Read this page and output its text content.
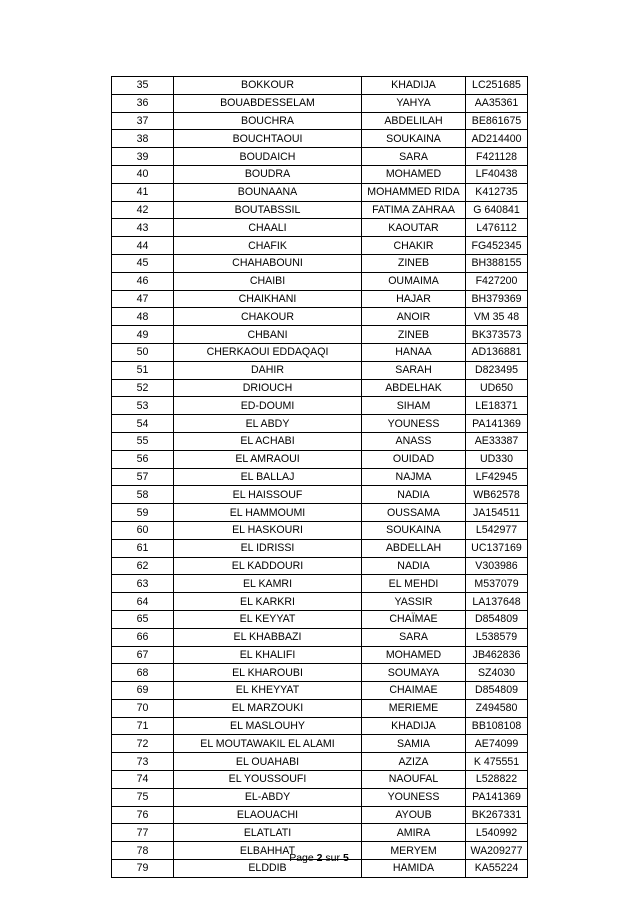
35	BOKKOUR	KHADIJA	LC251685
36	BOUABDESSELAM	YAHYA	AA35361
37	BOUCHRA	ABDELILAH	BE861675
38	BOUCHTAOUI	SOUKAINA	AD214400
39	BOUDAICH	SARA	F421128
40	BOUDRA	MOHAMED	LF40438
41	BOUNAANA	MOHAMMED RIDA	K412735
42	BOUTABSSIL	FATIMA ZAHRAA	G 640841
43	CHAALI	KAOUTAR	L476112
44	CHAFIK	CHAKIR	FG452345
45	CHAHABOUNI	ZINEB	BH388155
46	CHAIBI	OUMAIMA	F427200
47	CHAIKHANI	HAJAR	BH379369
48	CHAKOUR	ANOIR	VM 35 48
49	CHBANI	ZINEB	BK373573
50	CHERKAOUI EDDAQAQI	HANAA	AD136881
51	DAHIR	SARAH	D823495
52	DRIOUCH	ABDELHAK	UD650
53	ED-DOUMI	SIHAM	LE18371
54	EL ABDY	YOUNESS	PA141369
55	EL ACHABI	ANASS	AE33387
56	EL AMRAOUI	OUIDAD	UD330
57	EL BALLAJ	NAJMA	LF42945
58	EL HAISSOUF	NADIA	WB62578
59	EL HAMMOUMI	OUSSAMA	JA154511
60	EL HASKOURI	SOUKAINA	L542977
61	EL IDRISSI	ABDELLAH	UC137169
62	EL KADDOURI	NADIA	V303986
63	EL KAMRI	EL MEHDI	M537079
64	EL KARKRI	YASSIR	LA137648
65	EL KEYYAT	CHAÏMAE	D854809
66	EL KHABBAZI	SARA	L538579
67	EL KHALIFI	MOHAMED	JB462836
68	EL KHAROUBI	SOUMAYA	SZ4030
69	EL KHEYYAT	CHAIMAE	D854809
70	EL MARZOUKI	MERIEME	Z494580
71	EL MASLOUHY	KHADIJA	BB108108
72	EL MOUTAWAKIL EL ALAMI	SAMIA	AE74099
73	EL OUAHABI	AZIZA	K 475551
74	EL YOUSSOUFI	NAOUFAL	L528822
75	EL-ABDY	YOUNESS	PA141369
76	ELAOUACHI	AYOUB	BK267331
77	ELATLATI	AMIRA	L540992
78	ELBAHHAT	MERYEM	WA209277
79	ELDDIB	HAMIDA	KA55224
Page 2 sur 5
